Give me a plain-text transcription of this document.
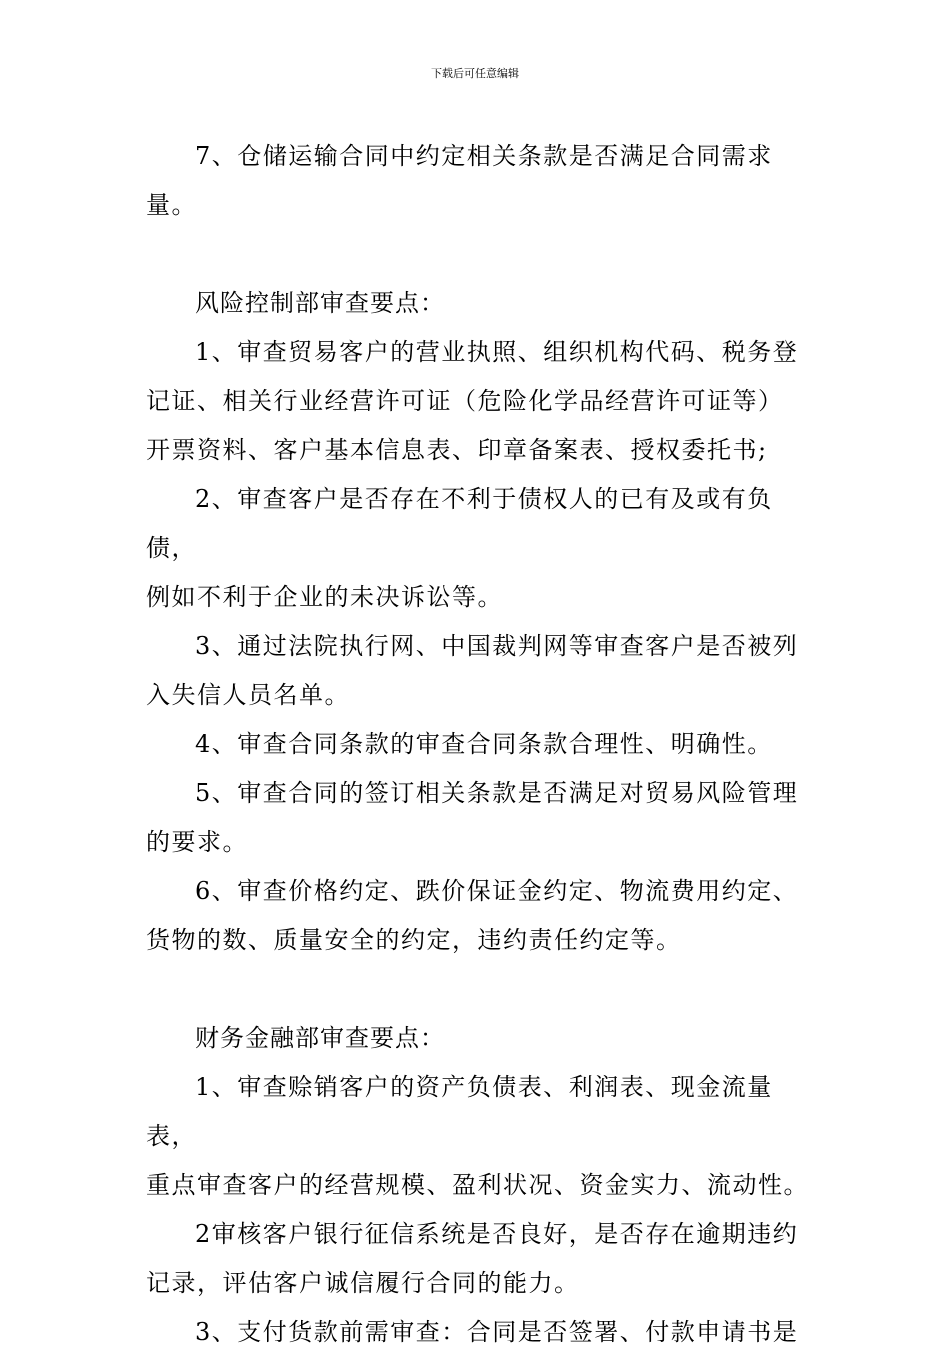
下载后可任意编辑

7、仓储运输合同中约定相关条款是否满足合同需求量。

风险控制部审查要点：

1、审查贸易客户的营业执照、组织机构代码、税务登
记证、相关行业经营许可证（危险化学品经营许可证等）
开票资料、客户基本信息表、印章备案表、授权委托书;

2、审查客户是否存在不利于债权人的已有及或有负债，
例如不利于企业的未决诉讼等。

3、通过法院执行网、中国裁判网等审查客户是否被列
入失信人员名单。

4、审查合同条款的审查合同条款合理性、明确性。

5、审查合同的签订相关条款是否满足对贸易风险管理
的要求。

6、审查价格约定、跌价保证金约定、物流费用约定、
货物的数、质量安全的约定，违约责任约定等。

财务金融部审查要点：

1、审查赊销客户的资产负债表、利润表、现金流量表，
重点审查客户的经营规模、盈利状况、资金实力、流动性。

2审核客户银行征信系统是否良好，是否存在逾期违约
记录，评估客户诚信履行合同的能力。

3、支付货款前需审查：合同是否签署、付款申请书是
